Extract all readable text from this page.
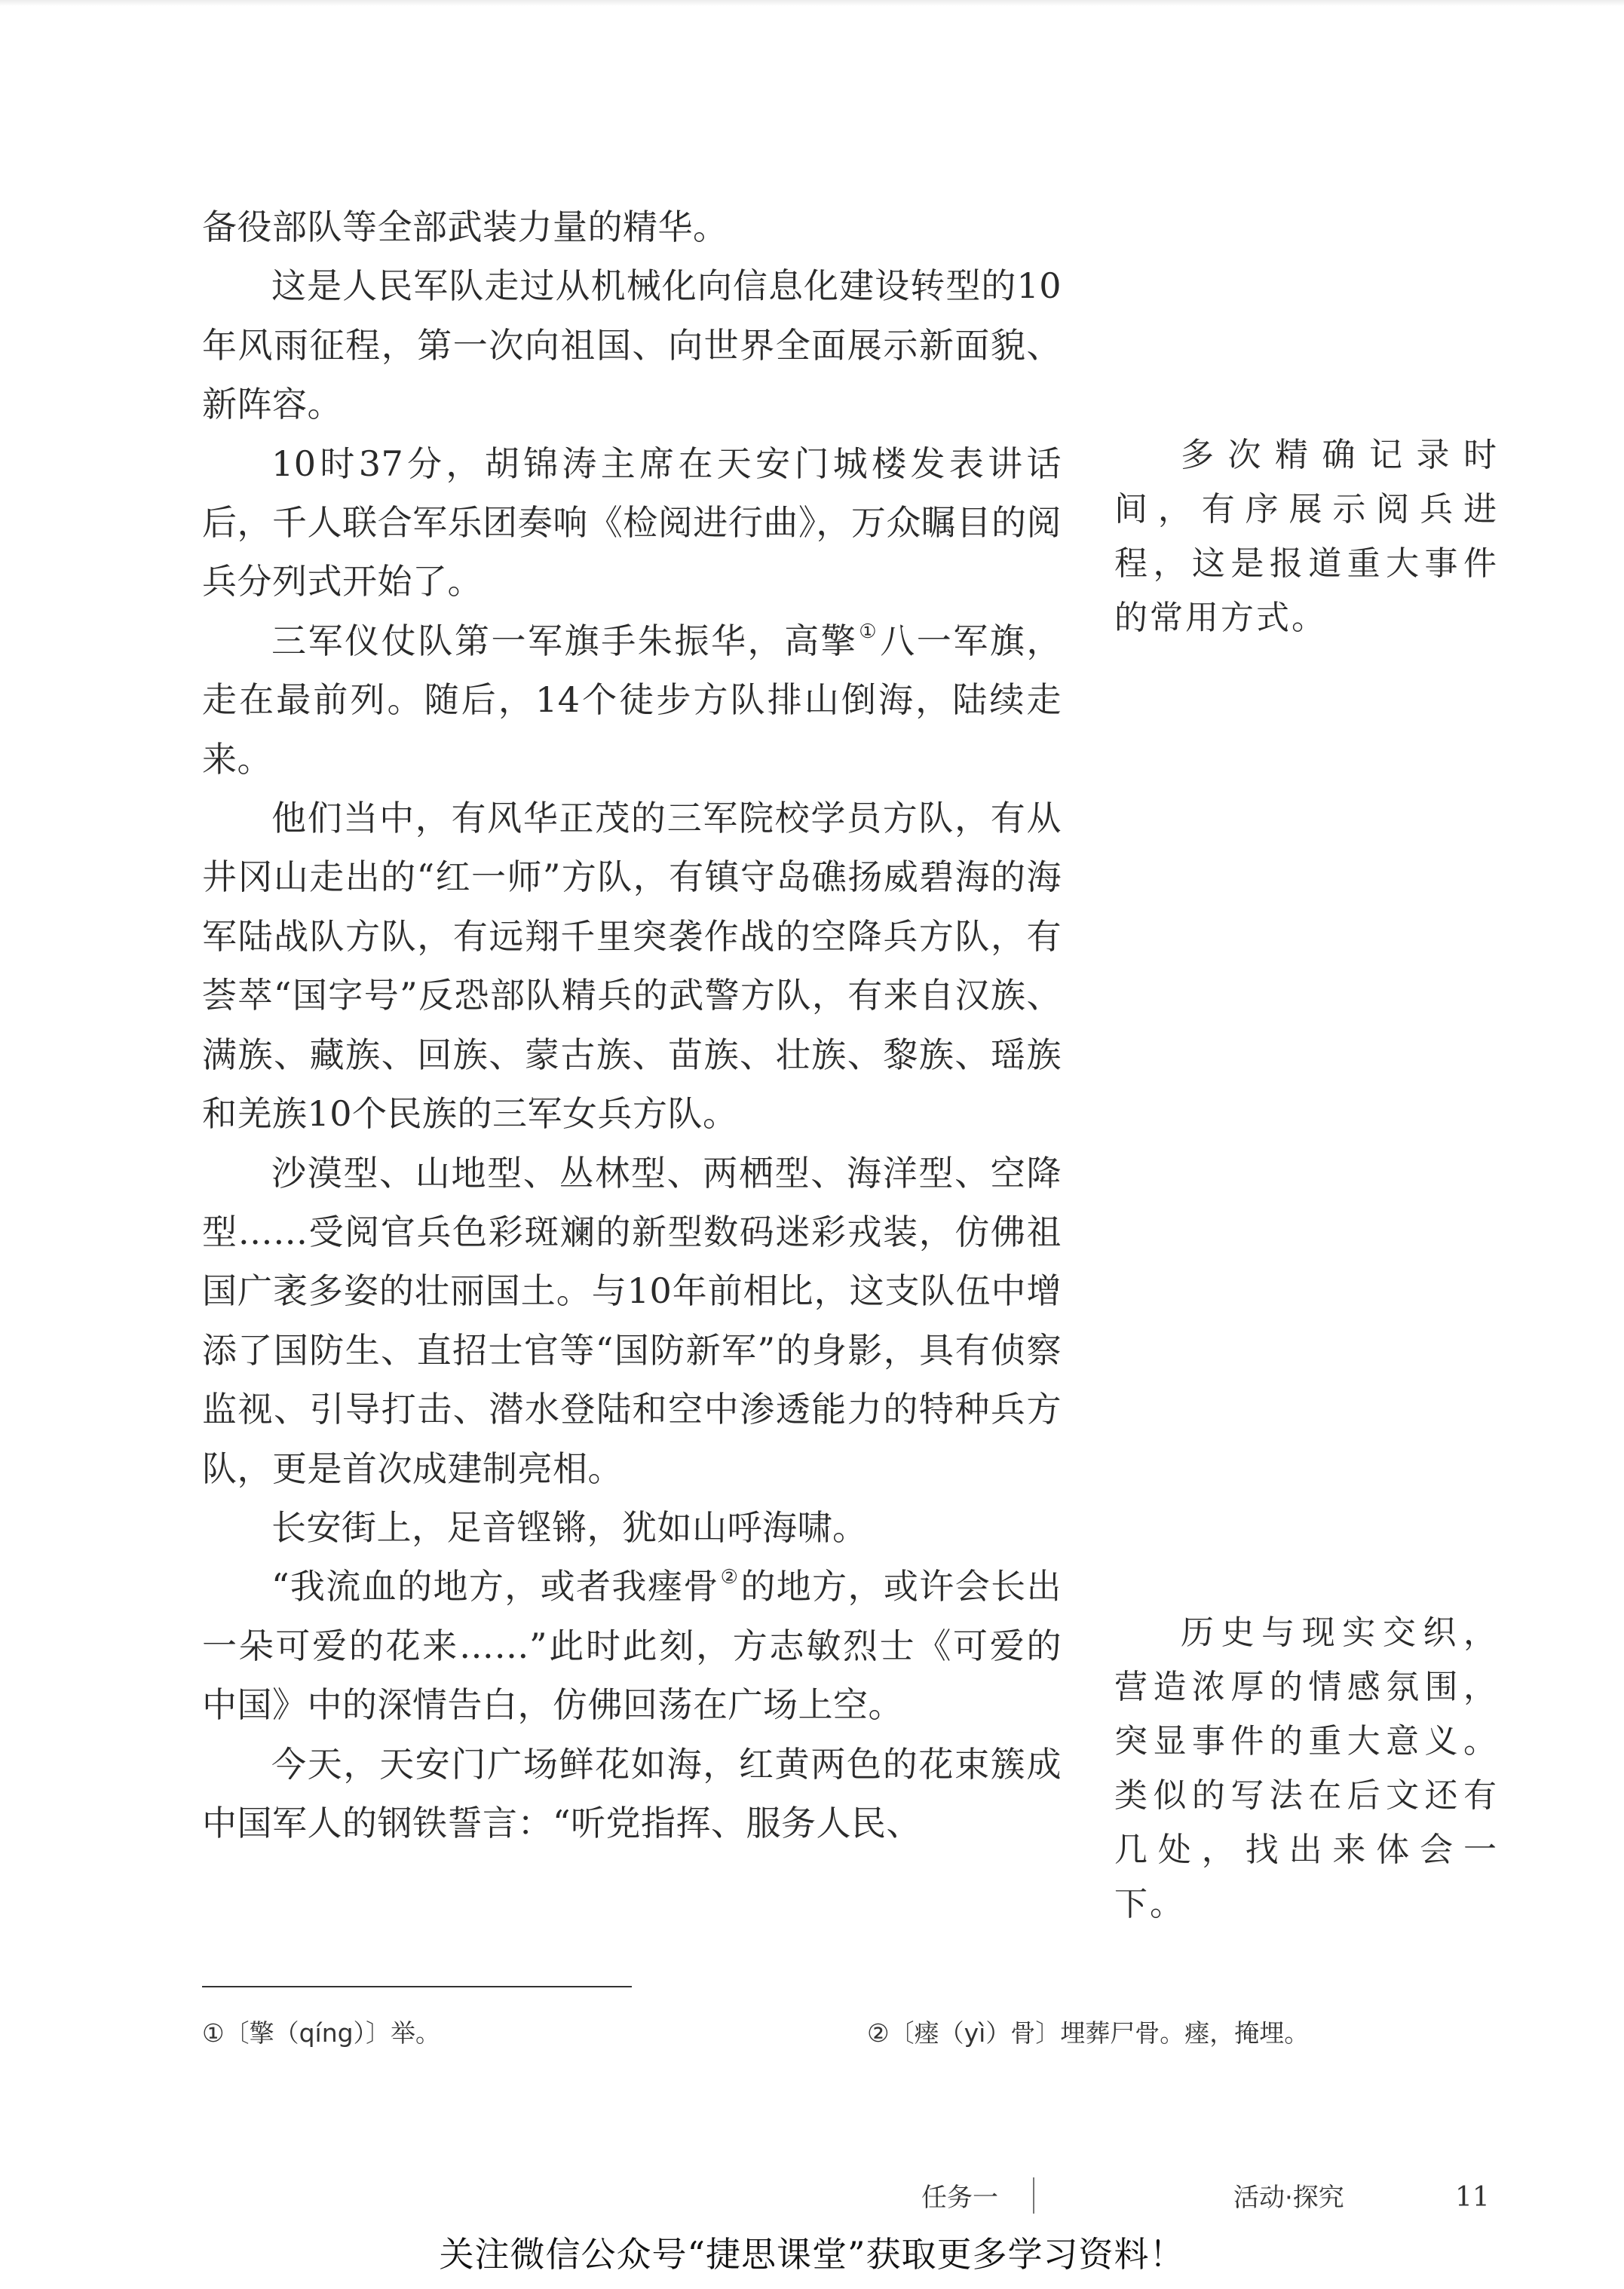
备役部队等全部武装力量的精华。

这是人民军队走过从机械化向信息化建设转型的10年风雨征程，第一次向祖国、向世界全面展示新面貌、新阵容。

10时37分，胡锦涛主席在天安门城楼发表讲话后，千人联合军乐团奏响《检阅进行曲》，万众瞩目的阅兵分列式开始了。

三军仪仗队第一军旗手朱振华，高擎①八一军旗，走在最前列。随后，14个徒步方队排山倒海，陆续走来。

他们当中，有风华正茂的三军院校学员方队，有从井冈山走出的“红一师”方队，有镇守岛礁扬威碧海的海军陆战队方队，有远翔千里突袭作战的空降兵方队，有荟萃“国字号”反恐部队精兵的武警方队，有来自汉族、满族、藏族、回族、蒙古族、苗族、壮族、黎族、瑶族和羌族10个民族的三军女兵方队。

沙漠型、山地型、丛林型、两栖型、海洋型、空降型……受阅官兵色彩斑斓的新型数码迷彩戎装，仿佛祖国广袤多姿的壮丽国土。与10年前相比，这支队伍中增添了国防生、直招士官等“国防新军”的身影，具有侦察监视、引导打击、潜水登陆和空中渗透能力的特种兵方队，更是首次成建制亮相。

长安街上，足音铿锵，犹如山呼海啸。

“我流血的地方，或者我瘗骨②的地方，或许会长出一朵可爱的花来……”此时此刻，方志敏烈士《可爱的中国》中的深情告白，仿佛回荡在广场上空。

今天，天安门广场鲜花如海，红黄两色的花束簇成中国军人的钢铁誓言：“听党指挥、服务人民、

多次精确记录时间，有序展示阅兵进程，这是报道重大事件的常用方式。

历史与现实交织，营造浓厚的情感氛围，突显事件的重大意义。类似的写法在后文还有几处，找出来体会一下。

①〔擎（qíng）〕举。	②〔瘗（yì）骨〕埋葬尸骨。瘗，掩埋。
任务一	活动·探究	11
关注微信公众号“捷思课堂”获取更多学习资料！
